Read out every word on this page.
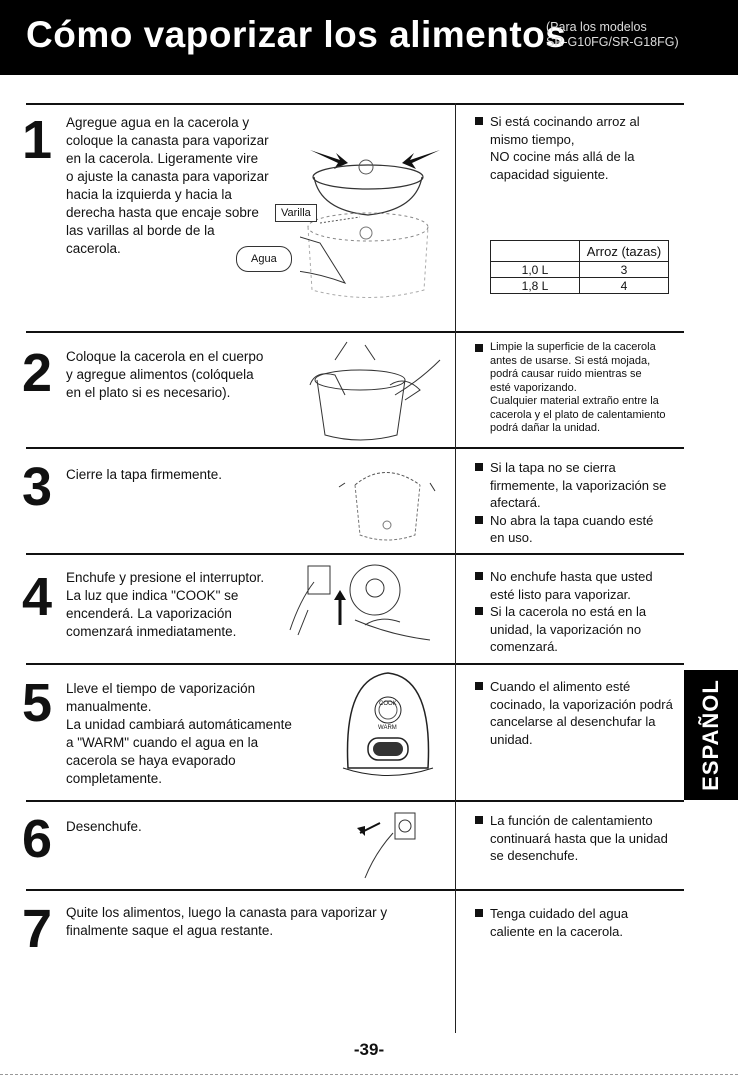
Cómo vaporizar los alimentos
(Para los modelos
SR-G10FG/SR-G18FG)
1
2
3
4
5
6
7
Agregue agua en la cacerola y
coloque la canasta para vaporizar
en la cacerola. Ligeramente vire
o ajuste la canasta para vaporizar
hacia la izquierda y hacia la
derecha hasta que encaje sobre
las varillas al borde de la
cacerola.
Coloque la cacerola en el cuerpo
y agregue alimentos (colóquela
en el plato si es necesario).
Cierre la tapa firmemente.
Enchufe y presione el interruptor.
La luz que indica "COOK" se
encenderá. La vaporización
comenzará inmediatamente.
Lleve el tiempo de vaporización
manualmente.
La unidad cambiará automáticamente
a "WARM" cuando el agua en la
cacerola se haya evaporado
completamente.
Desenchufe.
Quite los alimentos, luego la canasta para vaporizar y
finalmente saque el agua restante.
Varilla
Agua
COOK
WARM
Si está cocinando arroz al
mismo tiempo,
NO cocine más allá de la
capacidad siguiente.
	Arroz (tazas)
1,0 L	3
1,8 L	4
Limpie la superficie de la cacerola
antes de usarse. Si está mojada,
podrá causar ruido mientras se
esté vaporizando.
Cualquier material extraño entre la
cacerola y el plato de calentamiento
podrá dañar la unidad.
Si la tapa no se cierra
firmemente, la vaporización se
afectará.
No abra la tapa cuando esté
en uso.
No enchufe hasta que usted
esté listo para vaporizar.
Si la cacerola no está en la
unidad, la vaporización no
comenzará.
Cuando el alimento esté
cocinado, la vaporización podrá
cancelarse al desenchufar la
unidad.
La función de calentamiento
continuará hasta que la unidad
se desenchufe.
Tenga cuidado del agua
caliente en la cacerola.
ESPAÑOL
-39-
